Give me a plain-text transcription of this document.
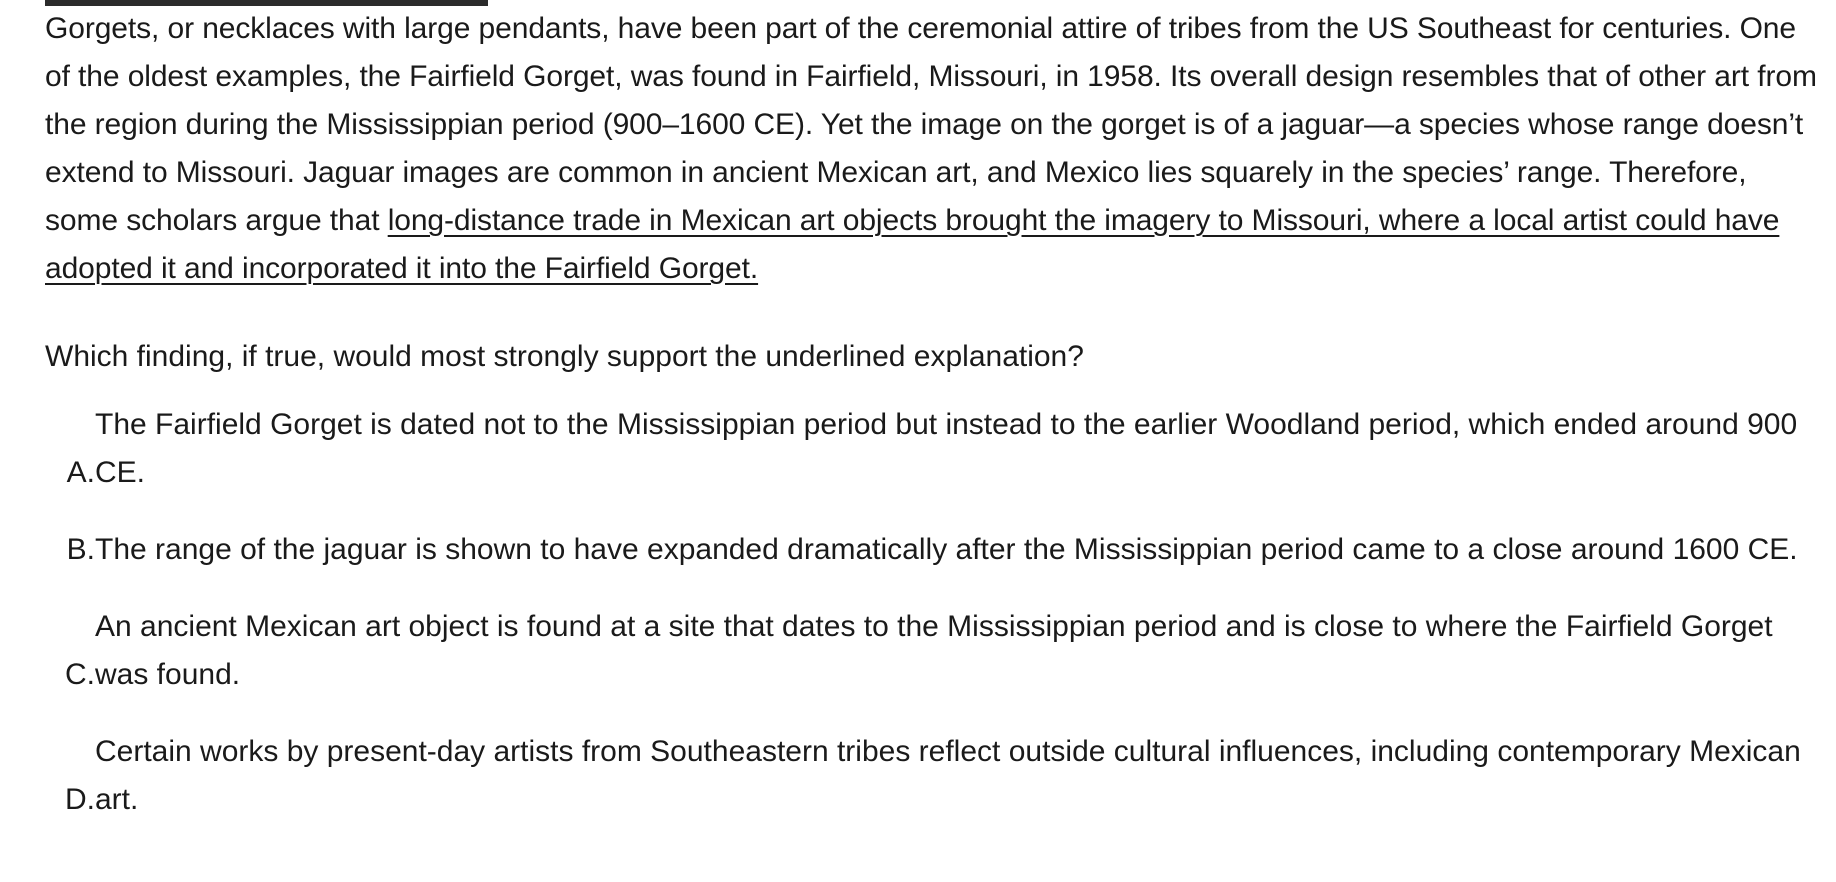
Gorgets, or necklaces with large pendants, have been part of the ceremonial attire of tribes from the US Southeast for centuries. One of the oldest examples, the Fairfield Gorget, was found in Fairfield, Missouri, in 1958. Its overall design resembles that of other art from the region during the Mississippian period (900–1600 CE). Yet the image on the gorget is of a jaguar—a species whose range doesn’t extend to Missouri. Jaguar images are common in ancient Mexican art, and Mexico lies squarely in the species’ range. Therefore, some scholars argue that long-distance trade in Mexican art objects brought the imagery to Missouri, where a local artist could have adopted it and incorporated it into the Fairfield Gorget.

Which finding, if true, would most strongly support the underlined explanation?

A.
The Fairfield Gorget is dated not to the Mississippian period but instead to the earlier Woodland period, which ended around 900 CE.
B. The range of the jaguar is shown to have expanded dramatically after the Mississippian period came to a close around 1600 CE.
C.
An ancient Mexican art object is found at a site that dates to the Mississippian period and is close to where the Fairfield Gorget was found.
D.
Certain works by present-day artists from Southeastern tribes reflect outside cultural influences, including contemporary Mexican art.
